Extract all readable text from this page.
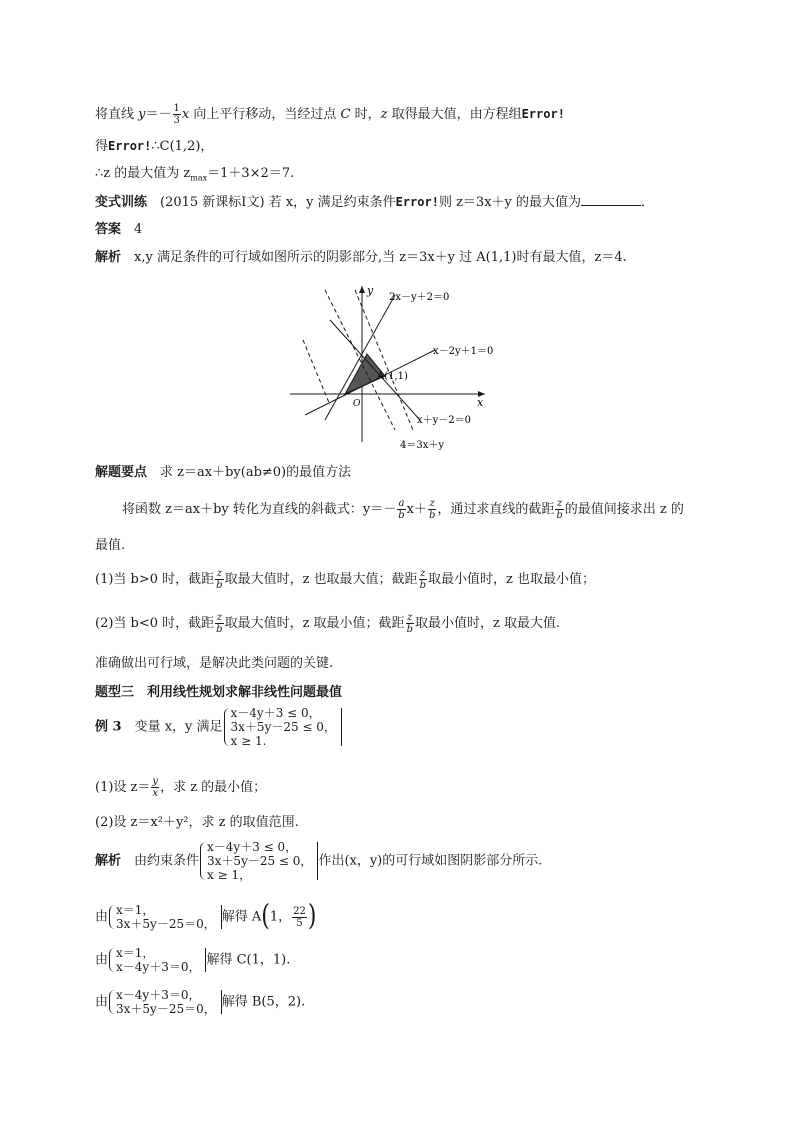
将直线 $y=- \frac{1}{3}$ x 向上平行移动，当经过点 C 时，z 取得最大值，由方程组Error!
得Error!∴C(1,2)，
∴z 的最大值为 $z_{max}=1+3\times 2=7$.
变式训练　(2015 新课标Ⅰ文) 若 x，y 满足约束条件Error!则 z＝3x＋y 的最大值为	．
答案　4
解析　x,y 满足条件的可行域如图所示的阴影部分,当 z＝3x＋y 过 A(1,1)时有最大值，z＝4.
y
x
2x－y＋2＝0
x－2y＋1＝0
x＋y－2＝0
4＝3x＋y
A(1,1)
O
解题要点　求 z＝ax＋by(ab≠0)的最值方法
将函数 z＝ax＋by 转化为直线的斜截式：$y=- \frac{a}{b} x+ \frac{z}{b}$ ，通过求直线的截距 $\frac{z}{b}$ 的最值间接求出 z 的
最值.
(1)当 b>0 时，截距 $\frac{z}{b}$ 取最大值时，z 也取最大值；截距 $\frac{z}{b}$ 取最小值时，z 也取最小值；
(2)当 b<0 时，截距 $\frac{z}{b}$ 取最大值时，z 取最小值；截距 $\frac{z}{b}$ 取最小值时，z 取最大值.
准确做出可行域，是解决此类问题的关键.
题型三　利用线性规划求解非线性问题最值
例 3　变量 x，y 满足
x－4y＋3 ≤ 0，
3x＋5y－25 ≤ 0，
x ≥ 1.
(1)设 $z= \frac{y}{x}$ ，求 z 的最小值；
(2)设 z＝x²＋y²，求 z 的取值范围.
解析　由约束条件
x－4y＋3 ≤ 0，
3x＋5y－25 ≤ 0，
x ≥ 1，
作出(x，y)的可行域如图阴影部分所示.
由 x＝1，
3x＋5y－25＝0， 解得 A(1， $\frac{22}{5}$ )
由 x＝1，
x－4y＋3＝0， 解得 C(1，1).
由 x－4y＋3＝0，
3x＋5y－25＝0， 解得 B(5，2).
